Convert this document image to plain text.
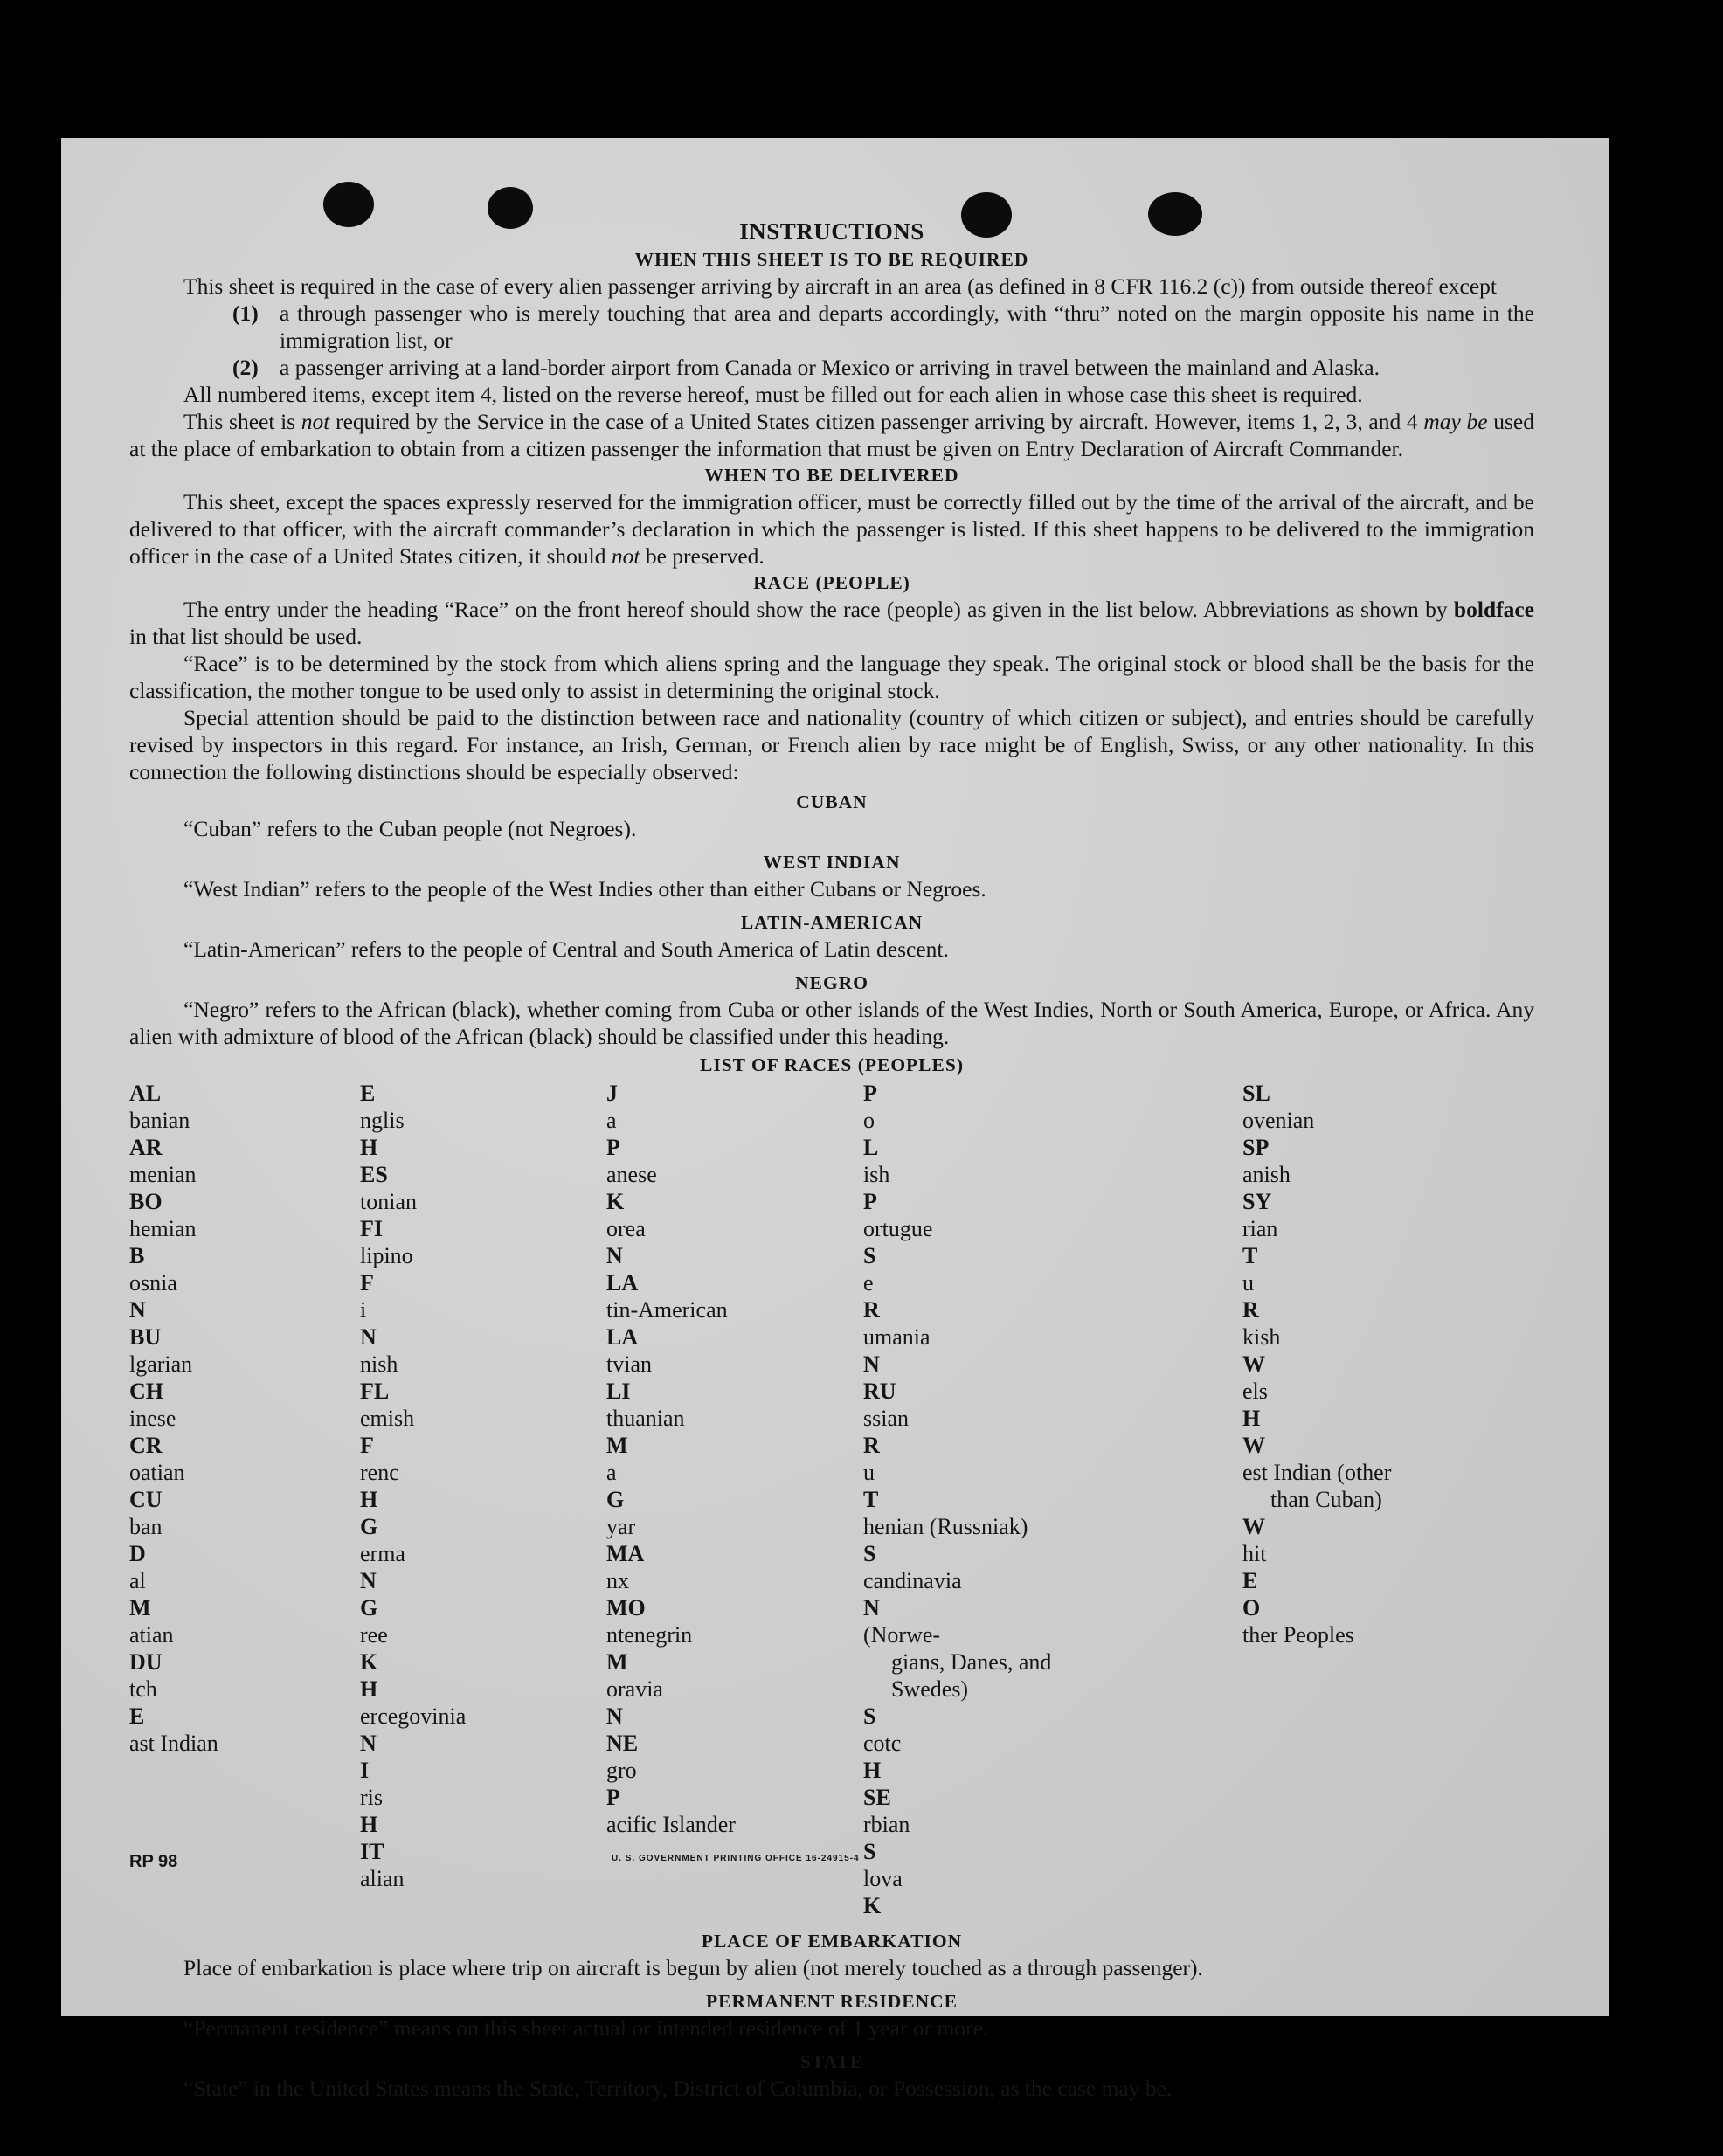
INSTRUCTIONS
WHEN THIS SHEET IS TO BE REQUIRED

This sheet is required in the case of every alien passenger arriving by aircraft in an area (as defined in 8 CFR 116.2 (c)) from outside thereof except

(1) a through passenger who is merely touching that area and departs accordingly, with “thru” noted on the margin opposite his name in the immigration list, or
(2) a passenger arriving at a land-border airport from Canada or Mexico or arriving in travel between the mainland and Alaska.

All numbered items, except item 4, listed on the reverse hereof, must be filled out for each alien in whose case this sheet is required.

This sheet is not required by the Service in the case of a United States citizen passenger arriving by aircraft. However, items 1, 2, 3, and 4 may be used at the place of embarkation to obtain from a citizen passenger the information that must be given on Entry Declaration of Aircraft Commander.

WHEN TO BE DELIVERED

This sheet, except the spaces expressly reserved for the immigration officer, must be correctly filled out by the time of the arrival of the aircraft, and be delivered to that officer, with the aircraft commander’s declaration in which the passenger is listed. If this sheet happens to be delivered to the immigration officer in the case of a United States citizen, it should not be preserved.

RACE (PEOPLE)

The entry under the heading “Race” on the front hereof should show the race (people) as given in the list below. Abbreviations as shown by boldface in that list should be used.

“Race” is to be determined by the stock from which aliens spring and the language they speak. The original stock or blood shall be the basis for the classification, the mother tongue to be used only to assist in determining the original stock.

Special attention should be paid to the distinction between race and nationality (country of which citizen or subject), and entries should be carefully revised by inspectors in this regard. For instance, an Irish, German, or French alien by race might be of English, Swiss, or any other nationality. In this connection the following distinctions should be especially observed:

CUBAN

“Cuban” refers to the Cuban people (not Negroes).

WEST INDIAN

“West Indian” refers to the people of the West Indies other than either Cubans or Negroes.

LATIN-AMERICAN

“Latin-American” refers to the people of Central and South America of Latin descent.

NEGRO

“Negro” refers to the African (black), whether coming from Cuba or other islands of the West Indies, North or South America, Europe, or Africa. Any alien with admixture of blood of the African (black) should be classified under this heading.

LIST OF RACES (PEOPLES)
AL
banian
AR
menian
BO
hemian
B
osnia
N
BU
lgarian
CH
inese
CR
oatian
CU
ban
D
al
M
atian
DU
tch
E
ast Indian
E
nglis
H
ES
tonian
FI
lipino
F
i
N
nish
FL
emish
F
renc
H
G
erma
N
G
ree
K
H
ercegovinia
N
I
ris
H
IT
alian
J
a
P
anese
K
orea
N
LA
tin-American
LA
tvian
LI
thuanian
M
a
G
yar
MA
nx
MO
ntenegrin
M
oravia
N
NE
gro
P
acific Islander
P
o
L
ish
P
ortugue
S
e
R
umania
N
RU
ssian
R
u
T
henian (Russniak)
S
candinavia
N
(Norwe-
gians, Danes, and
Swedes)
S
cotc
H
SE
rbian
S
lova
K
SL
ovenian
SP
anish
SY
rian
T
u
R
kish
W
els
H
W
est Indian (other
than Cuban)
W
hit
E
O
ther Peoples
PLACE OF EMBARKATION

Place of embarkation is place where trip on aircraft is begun by alien (not merely touched as a through passenger).

PERMANENT RESIDENCE

“Permanent residence” means on this sheet actual or intended residence of 1 year or more.

STATE

“State” in the United States means the State, Territory, District of Columbia, or Possession, as the case may be.

RP 98	U. S. GOVERNMENT PRINTING OFFICE 16-24915-4
